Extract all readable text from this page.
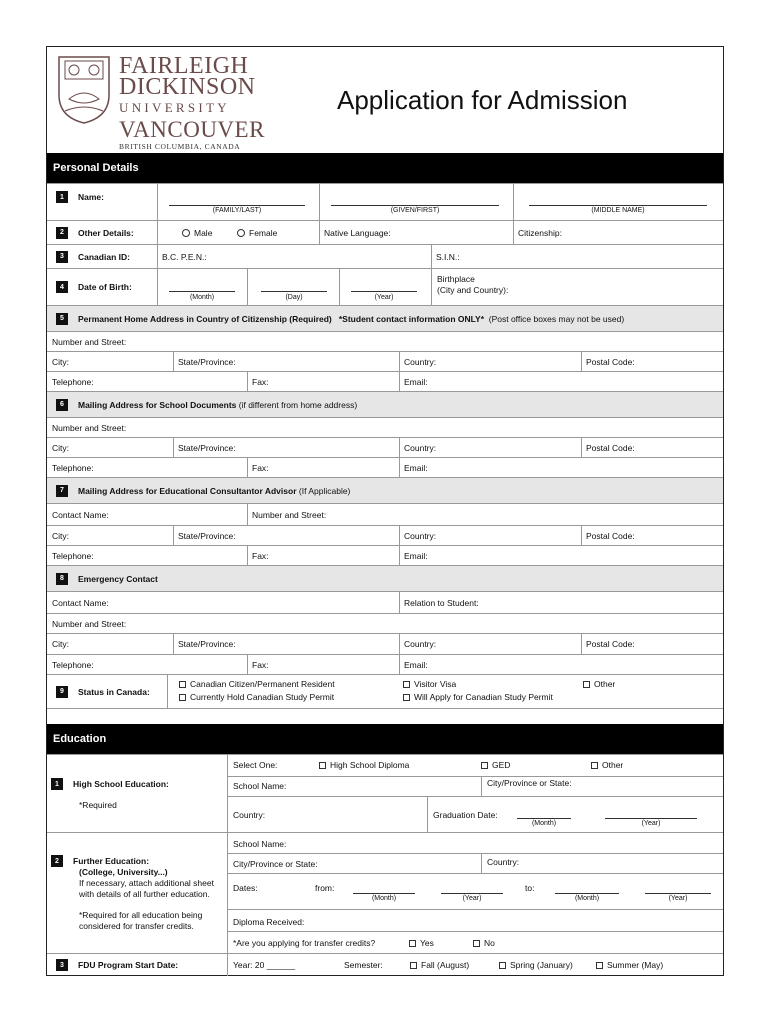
FAIRLEIGH
DICKINSON
UNIVERSITY
VANCOUVER
BRITISH COLUMBIA, CANADA
Application for Admission
Personal Details
1	Name:
(FAMILY/LAST)	(GIVEN/FIRST)	(MIDDLE NAME)
2	Other Details:	Male	Female	Native Language:	Citizenship:
3	Canadian ID:	B.C. P.E.N.:	S.I.N.:
4	Date of Birth:
(Month)	(Day)	(Year)
Birthplace
(City and Country):
5	Permanent Home Address in Country of Citizenship (Required)
*Student contact information ONLY*
(Post office boxes may not be used)
Number and Street:
City:	State/Province:	Country:	Postal Code:
Telephone:	Fax:	Email:
6	Mailing Address for School Documents
(if different from home address)
Number and Street:
City:	State/Province:	Country:	Postal Code:
Telephone:	Fax:	Email:
7	Mailing Address for Educational Consultantor Advisor
(If Applicable)
Contact Name:	Number and Street:
City:	State/Province:	Country:	Postal Code:
Telephone:	Fax:	Email:
8	Emergency Contact
Contact Name:	Relation to Student:
Number and Street:
City:	State/Province:	Country:	Postal Code:
Telephone:	Fax:	Email:
9	Status in Canada:
Canadian Citizen/Permanent Resident
Currently Hold Canadian Study Permit
Visitor Visa
Will Apply for Canadian Study Permit
Other
Education
1	High School Education:
*Required
Select One:	High School Diploma	GED	Other
School Name:	City/Province or State:
Country:	Graduation Date:
(Month)	(Year)
2	Further Education:
(College, University...)
If necessary, attach additional sheet
with details of all further education.
*Required for all education being
considered for transfer credits.
School Name:
City/Province or State:	Country:
Dates:	from:
(Month)	(Year)
to:
(Month)	(Year)
Diploma Received:
*Are you applying for transfer credits?	Yes	No
3	FDU Program Start Date:	Year: 20 ______	Semester:	Fall (August)	Spring (January)	Summer (May)
